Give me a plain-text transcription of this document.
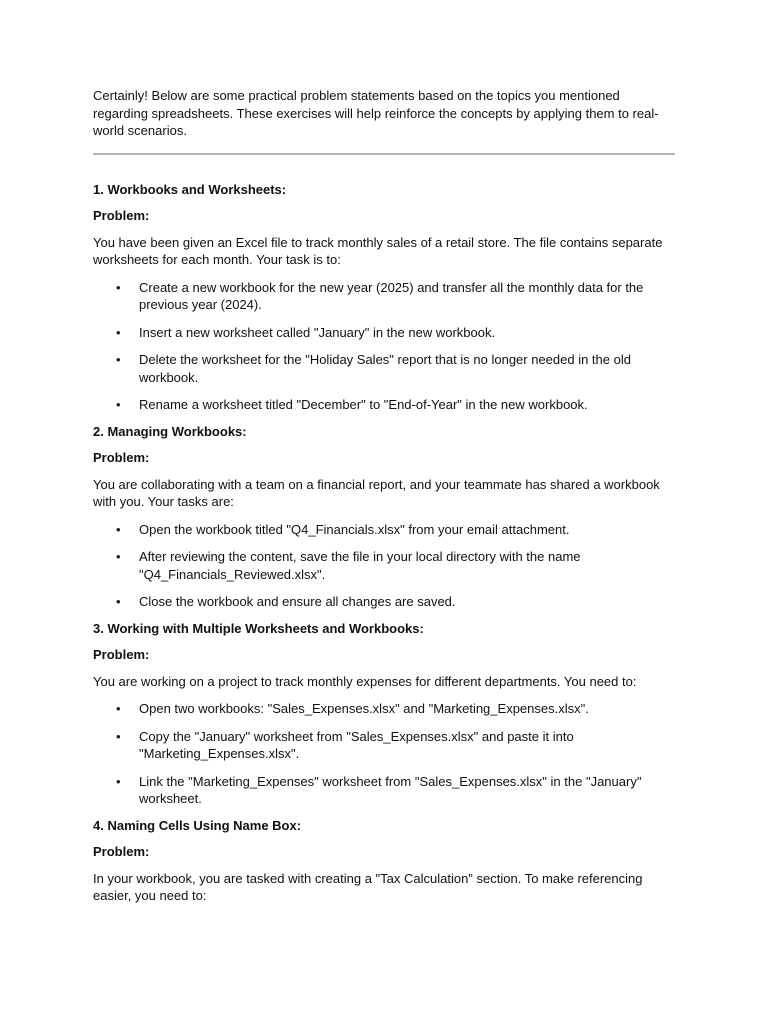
Certainly! Below are some practical problem statements based on the topics you mentioned regarding spreadsheets. These exercises will help reinforce the concepts by applying them to real-world scenarios.

1. Workbooks and Worksheets:

Problem:

You have been given an Excel file to track monthly sales of a retail store. The file contains separate worksheets for each month. Your task is to:

• Create a new workbook for the new year (2025) and transfer all the monthly data for the previous year (2024).
• Insert a new worksheet called "January" in the new workbook.
• Delete the worksheet for the "Holiday Sales" report that is no longer needed in the old workbook.
• Rename a worksheet titled "December" to "End-of-Year" in the new workbook.

2. Managing Workbooks:

Problem:

You are collaborating with a team on a financial report, and your teammate has shared a workbook with you. Your tasks are:

• Open the workbook titled "Q4_Financials.xlsx" from your email attachment.
• After reviewing the content, save the file in your local directory with the name "Q4_Financials_Reviewed.xlsx".
• Close the workbook and ensure all changes are saved.

3. Working with Multiple Worksheets and Workbooks:

Problem:

You are working on a project to track monthly expenses for different departments. You need to:

• Open two workbooks: "Sales_Expenses.xlsx" and "Marketing_Expenses.xlsx".
• Copy the "January" worksheet from "Sales_Expenses.xlsx" and paste it into "Marketing_Expenses.xlsx".
• Link the "Marketing_Expenses" worksheet from "Sales_Expenses.xlsx" in the "January" worksheet.

4. Naming Cells Using Name Box:

Problem:

In your workbook, you are tasked with creating a "Tax Calculation" section. To make referencing easier, you need to:
